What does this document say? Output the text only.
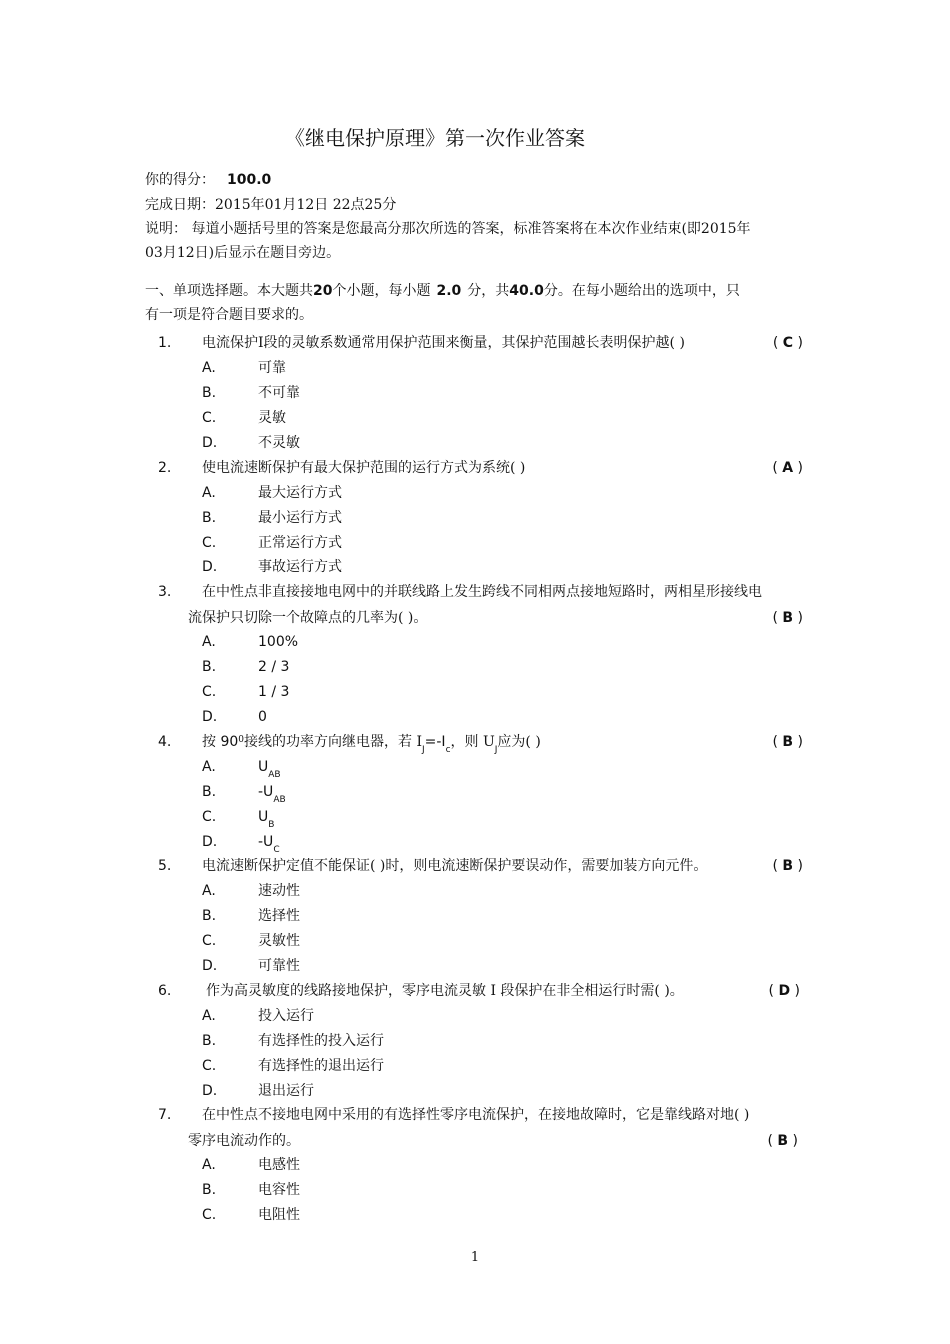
《继电保护原理》第一次作业答案
你的得分： 100.0
完成日期：2015年01月12日 22点25分
说明： 每道小题括号里的答案是您最高分那次所选的答案，标准答案将在本次作业结束(即2015年
03月12日)后显示在题目旁边。
一、单项选择题。本大题共20个小题，每小题 2.0 分，共40.0分。在每小题给出的选项中，只
有一项是符合题目要求的。
1. 电流保护Ⅰ段的灵敏系数通常用保护范围来衡量，其保护范围越长表明保护越( )	( C )
A.	可靠
B.	不可靠
C.	灵敏
D.	不灵敏
2. 使电流速断保护有最大保护范围的运行方式为系统( )	( A )
A.	最大运行方式
B.	最小运行方式
C.	正常运行方式
D.	事故运行方式
3. 在中性点非直接接地电网中的并联线路上发生跨线不同相两点接地短路时，两相星形接线电
流保护只切除一个故障点的几率为( )。	( B )
A.	100%
B.	2 / 3
C.	1 / 3
D.	0
4. 按 $90^0$接线的功率方向继电器，若 $I_J=-I_c$，则 $U_J$应为( )	( B )
A.	$U_{AB}$
B.	$-U_{AB}$
C.	$U_B$
D.	$-U_C$
5. 电流速断保护定值不能保证( )时，则电流速断保护要误动作，需要加装方向元件。	( B )
A.	速动性
B.	选择性
C.	灵敏性
D.	可靠性
6. 作为高灵敏度的线路接地保护，零序电流灵敏 I 段保护在非全相运行时需( )。	( D )
A.	投入运行
B.	有选择性的投入运行
C.	有选择性的退出运行
D.	退出运行
7. 在中性点不接地电网中采用的有选择性零序电流保护，在接地故障时，它是靠线路对地( )
零序电流动作的。	( B )
A.	电感性
B.	电容性
C.	电阻性
1
